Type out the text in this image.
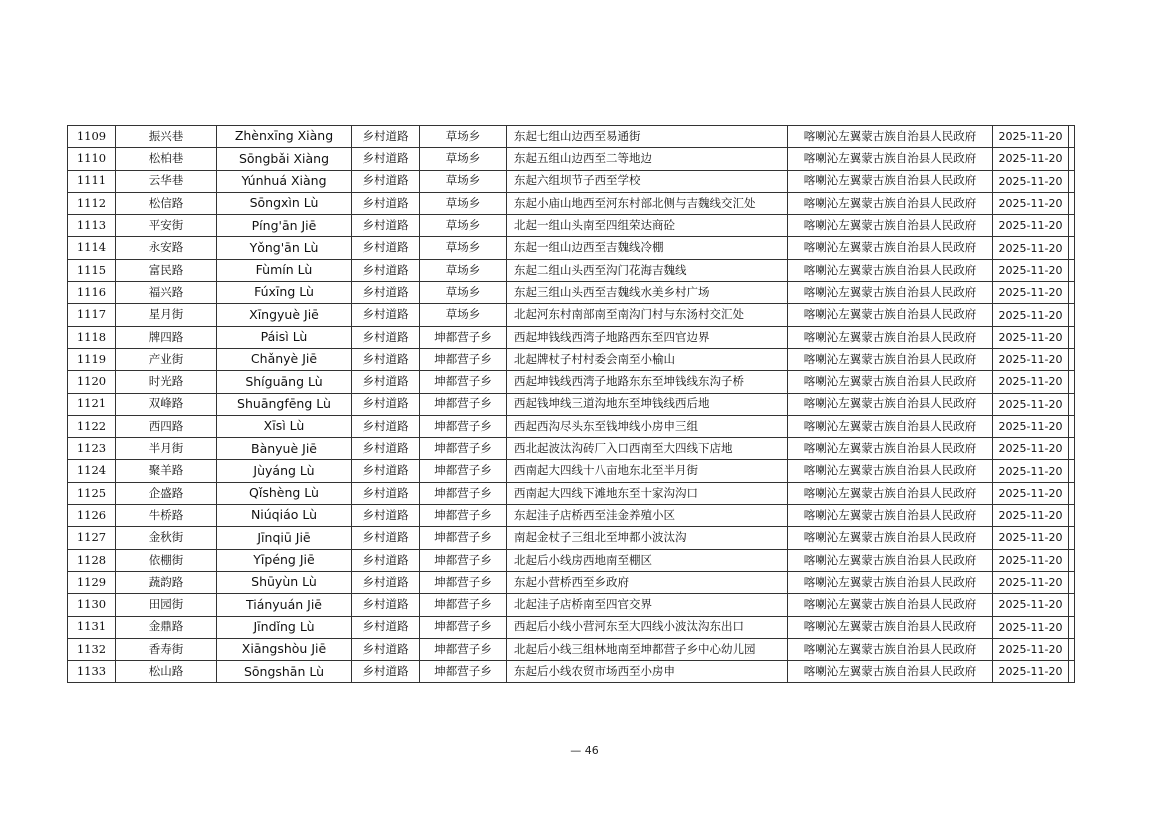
1109	振兴巷	Zhènxīng Xiàng	乡村道路	草场乡	东起七组山边西至易通街	喀喇沁左翼蒙古族自治县人民政府	2025-11-20	
1110	松柏巷	Sōngbǎi Xiàng	乡村道路	草场乡	东起五组山边西至二等地边	喀喇沁左翼蒙古族自治县人民政府	2025-11-20	
1111	云华巷	Yúnhuá Xiàng	乡村道路	草场乡	东起六组坝节子西至学校	喀喇沁左翼蒙古族自治县人民政府	2025-11-20	
1112	松信路	Sōngxìn Lù	乡村道路	草场乡	东起小庙山地西至河东村部北侧与吉魏线交汇处	喀喇沁左翼蒙古族自治县人民政府	2025-11-20	
1113	平安街	Píng'ān Jiē	乡村道路	草场乡	北起一组山头南至四组荣达商砼	喀喇沁左翼蒙古族自治县人民政府	2025-11-20	
1114	永安路	Yǒng'ān Lù	乡村道路	草场乡	东起一组山边西至吉魏线冷棚	喀喇沁左翼蒙古族自治县人民政府	2025-11-20	
1115	富民路	Fùmín Lù	乡村道路	草场乡	东起二组山头西至沟门花海吉魏线	喀喇沁左翼蒙古族自治县人民政府	2025-11-20	
1116	福兴路	Fúxīng Lù	乡村道路	草场乡	东起三组山头西至吉魏线水美乡村广场	喀喇沁左翼蒙古族自治县人民政府	2025-11-20	
1117	星月街	Xīngyuè Jiē	乡村道路	草场乡	北起河东村南部南至南沟门村与东汤村交汇处	喀喇沁左翼蒙古族自治县人民政府	2025-11-20	
1118	牌四路	Páisì Lù	乡村道路	坤都营子乡	西起坤钱线西湾子地路西东至四官边界	喀喇沁左翼蒙古族自治县人民政府	2025-11-20	
1119	产业街	Chǎnyè Jiē	乡村道路	坤都营子乡	北起牌杖子村村委会南至小榆山	喀喇沁左翼蒙古族自治县人民政府	2025-11-20	
1120	时光路	Shíguāng Lù	乡村道路	坤都营子乡	西起坤钱线西湾子地路东东至坤钱线东沟子桥	喀喇沁左翼蒙古族自治县人民政府	2025-11-20	
1121	双峰路	Shuāngfēng Lù	乡村道路	坤都营子乡	西起钱坤线三道沟地东至坤钱线西后地	喀喇沁左翼蒙古族自治县人民政府	2025-11-20	
1122	西四路	Xīsì Lù	乡村道路	坤都营子乡	西起西沟尽头东至钱坤线小房申三组	喀喇沁左翼蒙古族自治县人民政府	2025-11-20	
1123	半月街	Bànyuè Jiē	乡村道路	坤都营子乡	西北起波汰沟砖厂入口西南至大四线下店地	喀喇沁左翼蒙古族自治县人民政府	2025-11-20	
1124	聚羊路	Jùyáng Lù	乡村道路	坤都营子乡	西南起大四线十八亩地东北至半月街	喀喇沁左翼蒙古族自治县人民政府	2025-11-20	
1125	企盛路	Qǐshèng Lù	乡村道路	坤都营子乡	西南起大四线下滩地东至十家沟沟口	喀喇沁左翼蒙古族自治县人民政府	2025-11-20	
1126	牛桥路	Niúqiáo Lù	乡村道路	坤都营子乡	东起洼子店桥西至洼金养殖小区	喀喇沁左翼蒙古族自治县人民政府	2025-11-20	
1127	金秋街	Jīnqiū Jiē	乡村道路	坤都营子乡	南起金杖子三组北至坤都小波汰沟	喀喇沁左翼蒙古族自治县人民政府	2025-11-20	
1128	依棚街	Yīpéng Jiē	乡村道路	坤都营子乡	北起后小线房西地南至棚区	喀喇沁左翼蒙古族自治县人民政府	2025-11-20	
1129	蔬韵路	Shūyùn Lù	乡村道路	坤都营子乡	东起小营桥西至乡政府	喀喇沁左翼蒙古族自治县人民政府	2025-11-20	
1130	田园街	Tiányuán Jiē	乡村道路	坤都营子乡	北起洼子店桥南至四官交界	喀喇沁左翼蒙古族自治县人民政府	2025-11-20	
1131	金鼎路	Jīndǐng Lù	乡村道路	坤都营子乡	西起后小线小营河东至大四线小波汰沟东出口	喀喇沁左翼蒙古族自治县人民政府	2025-11-20	
1132	香寿街	Xiāngshòu Jiē	乡村道路	坤都营子乡	北起后小线三组林地南至坤都营子乡中心幼儿园	喀喇沁左翼蒙古族自治县人民政府	2025-11-20	
1133	松山路	Sōngshān Lù	乡村道路	坤都营子乡	东起后小线农贸市场西至小房申	喀喇沁左翼蒙古族自治县人民政府	2025-11-20	
— 46
